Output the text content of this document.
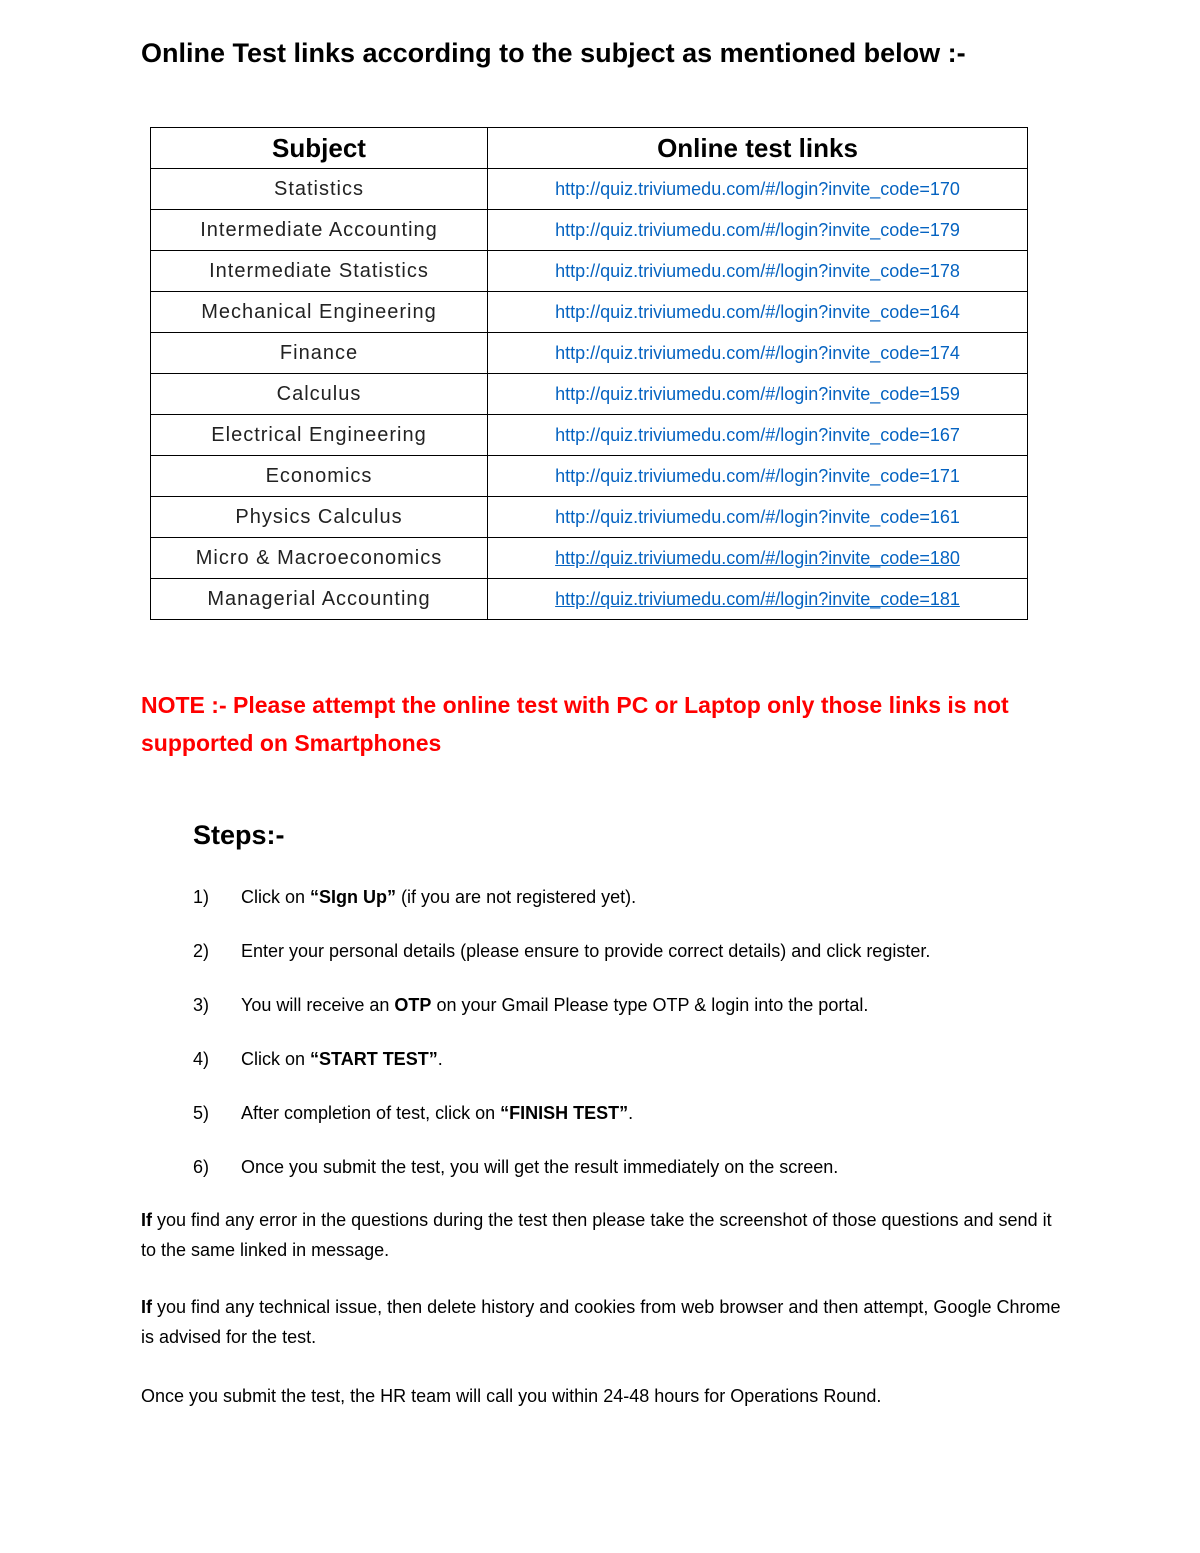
Online Test links according to the subject as mentioned below :-
Subject	Online test links
Statistics	http://quiz.triviumedu.com/#/login?invite_code=170
Intermediate Accounting	http://quiz.triviumedu.com/#/login?invite_code=179
Intermediate Statistics	http://quiz.triviumedu.com/#/login?invite_code=178
Mechanical Engineering	http://quiz.triviumedu.com/#/login?invite_code=164
Finance	http://quiz.triviumedu.com/#/login?invite_code=174
Calculus	http://quiz.triviumedu.com/#/login?invite_code=159
Electrical Engineering	http://quiz.triviumedu.com/#/login?invite_code=167
Economics	http://quiz.triviumedu.com/#/login?invite_code=171
Physics Calculus	http://quiz.triviumedu.com/#/login?invite_code=161
Micro & Macroeconomics	http://quiz.triviumedu.com/#/login?invite_code=180
Managerial Accounting	http://quiz.triviumedu.com/#/login?invite_code=181
NOTE :- Please attempt the online test with PC or Laptop only those links is not supported on Smartphones
Steps:-
1) Click on “SIgn Up” (if you are not registered yet).
2) Enter your personal details (please ensure to provide correct details) and click register.
3) You will receive an OTP on your Gmail Please type OTP & login into the portal.
4) Click on “START TEST”.
5) After completion of test, click on “FINISH TEST”.
6) Once you submit the test, you will get the result immediately on the screen.
If you find any error in the questions during the test then please take the screenshot of those questions and send it to the same linked in message.
If you find any technical issue, then delete history and cookies from web browser and then attempt, Google Chrome is advised for the test.
Once you submit the test, the HR team will call you within 24-48 hours for Operations Round.
